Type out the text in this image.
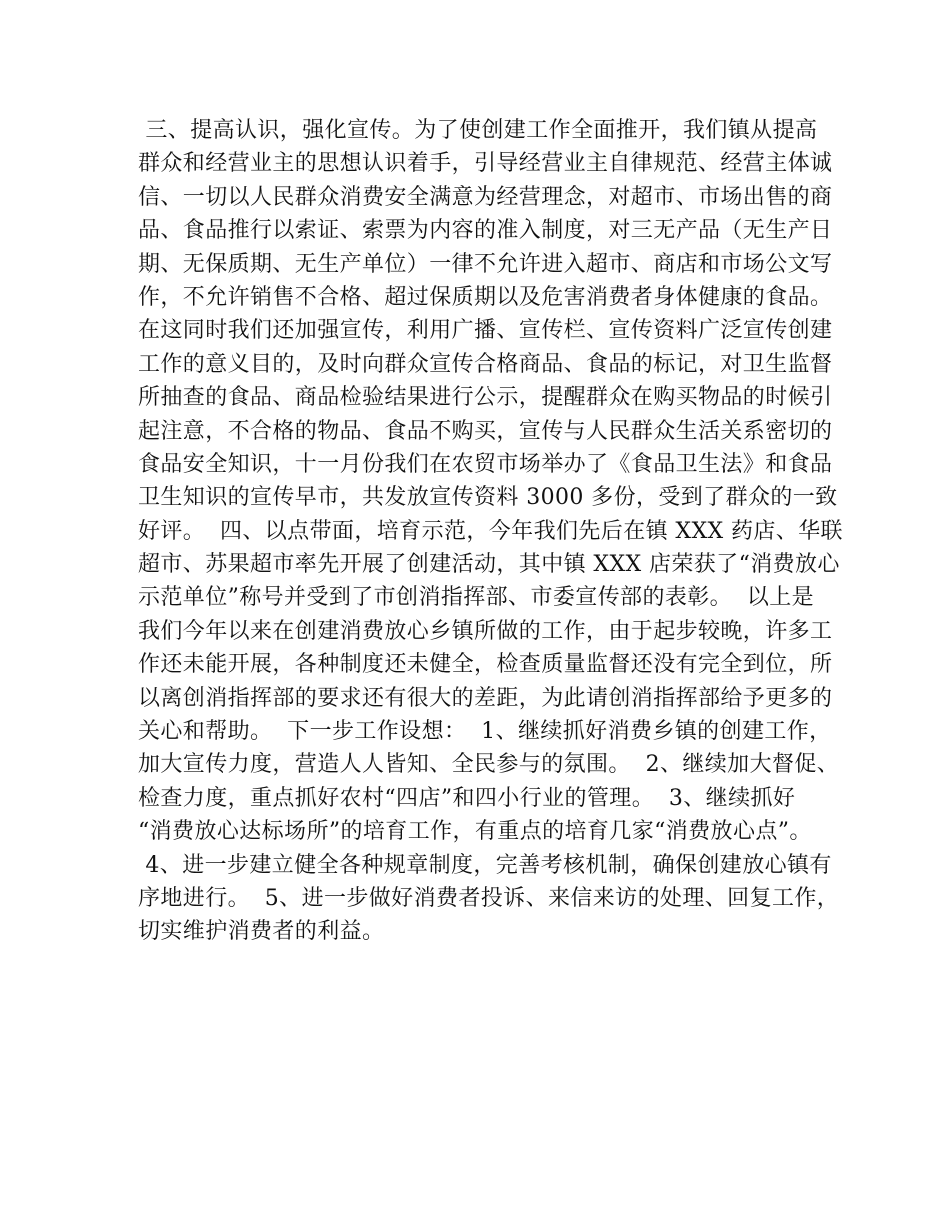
三、提高认识，强化宣传。为了使创建工作全面推开，我们镇从提高
群众和经营业主的思想认识着手，引导经营业主自律规范、经营主体诚
信、一切以人民群众消费安全满意为经营理念，对超市、市场出售的商
品、食品推行以索证、索票为内容的准入制度，对三无产品（无生产日
期、无保质期、无生产单位）一律不允许进入超市、商店和市场公文写
作，不允许销售不合格、超过保质期以及危害消费者身体健康的食品。
在这同时我们还加强宣传，利用广播、宣传栏、宣传资料广泛宣传创建
工作的意义目的，及时向群众宣传合格商品、食品的标记，对卫生监督
所抽查的食品、商品检验结果进行公示，提醒群众在购买物品的时候引
起注意，不合格的物品、食品不购买，宣传与人民群众生活关系密切的
食品安全知识，十一月份我们在农贸市场举办了《食品卫生法》和食品
卫生知识的宣传早市，共发放宣传资料 3000 多份，受到了群众的一致
好评。  四、以点带面，培育示范，今年我们先后在镇 XXX 药店、华联
超市、苏果超市率先开展了创建活动，其中镇 XXX 店荣获了“消费放心
示范单位”称号并受到了市创消指挥部、市委宣传部的表彰。  以上是
我们今年以来在创建消费放心乡镇所做的工作，由于起步较晚，许多工
作还未能开展，各种制度还未健全，检查质量监督还没有完全到位，所
以离创消指挥部的要求还有很大的差距，为此请创消指挥部给予更多的
关心和帮助。  下一步工作设想：  1、继续抓好消费乡镇的创建工作，
加大宣传力度，营造人人皆知、全民参与的氛围。  2、继续加大督促、
检查力度，重点抓好农村“四店”和四小行业的管理。  3、继续抓好
“消费放心达标场所”的培育工作，有重点的培育几家“消费放心点”。
4、进一步建立健全各种规章制度，完善考核机制，确保创建放心镇有
序地进行。  5、进一步做好消费者投诉、来信来访的处理、回复工作，
切实维护消费者的利益。
